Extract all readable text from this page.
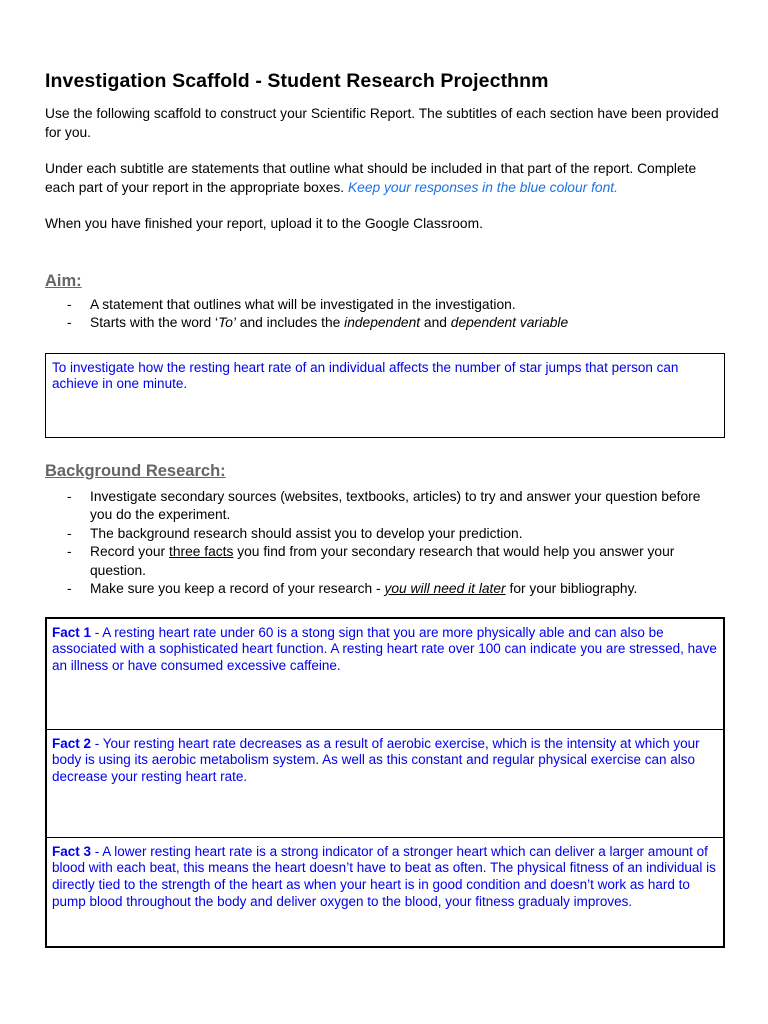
Investigation Scaffold - Student Research Projecthnm

Use the following scaffold to construct your Scientific Report. The subtitles of each section have been provided for you.

Under each subtitle are statements that outline what should be included in that part of the report. Complete each part of your report in the appropriate boxes. Keep your responses in the blue colour font.

When you have finished your report, upload it to the Google Classroom.

Aim:
- A statement that outlines what will be investigated in the investigation.
- Starts with the word ‘To’ and includes the independent and dependent variable
To investigate how the resting heart rate of an individual affects the number of star jumps that person can achieve in one minute.
Background Research:
- Investigate secondary sources (websites, textbooks, articles) to try and answer your question before you do the experiment.
- The background research should assist you to develop your prediction.
- Record your three facts you find from your secondary research that would help you answer your question.
- Make sure you keep a record of your research - you will need it later for your bibliography.
Fact 1 - A resting heart rate under 60 is a stong sign that you are more physically able and can also be associated with a sophisticated heart function. A resting heart rate over 100 can indicate you are stressed, have an illness or have consumed excessive caffeine.
Fact 2 - Your resting heart rate decreases as a result of aerobic exercise, which is the intensity at which your body is using its aerobic metabolism system. As well as this constant and regular physical exercise can also decrease your resting heart rate.
Fact 3 - A lower resting heart rate is a strong indicator of a stronger heart which can deliver a larger amount of blood with each beat, this means the heart doesn’t have to beat as often. The physical fitness of an individual is directly tied to the strength of the heart as when your heart is in good condition and doesn’t work as hard to pump blood throughout the body and deliver oxygen to the blood, your fitness gradualy improves.
